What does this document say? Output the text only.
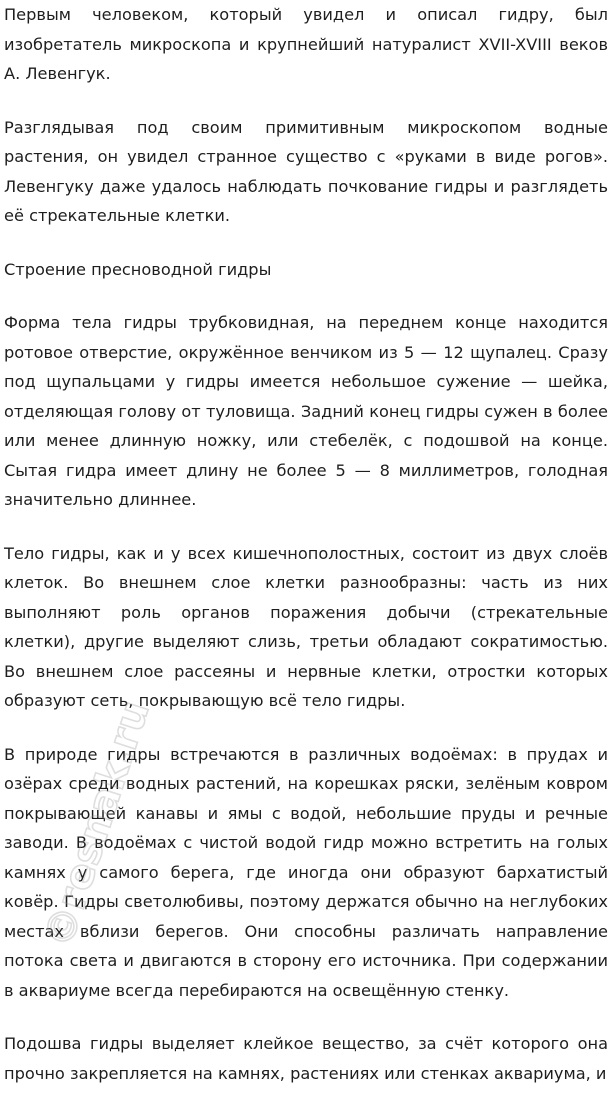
Первым человеком, который увидел и описал гидру, был изобретатель микроскопа и крупнейший натуралист XVII-XVIII веков А. Левенгук.

Разглядывая под своим примитивным микроскопом водные растения, он увидел странное существо с «руками в виде рогов». Левенгуку даже удалось наблюдать почкование гидры и разглядеть её стрекательные клетки.

Строение пресноводной гидры

Форма тела гидры трубковидная, на переднем конце находится ротовое отверстие, окружённое венчиком из 5 — 12 щупалец. Сразу под щупальцами у гидры имеется небольшое сужение — шейка, отделяющая голову от туловища. Задний конец гидры сужен в более или менее длинную ножку, или стебелёк, с подошвой на конце. Сытая гидра имеет длину не более 5 — 8 миллиметров, голодная значительно длиннее.

Тело гидры, как и у всех кишечнополостных, состоит из двух слоёв клеток. Во внешнем слое клетки разнообразны: часть из них выполняют роль органов поражения добычи (стрекательные клетки), другие выделяют слизь, третьи обладают сократимостью. Во внешнем слое рассеяны и нервные клетки, отростки которых образуют сеть, покрывающую всё тело гидры.

В природе гидры встречаются в различных водоёмах: в прудах и озёрах среди водных растений, на корешках ряски, зелёным ковром покрывающей канавы и ямы с водой, небольшие пруды и речные заводи. В водоёмах с чистой водой гидр можно встретить на голых камнях у самого берега, где иногда они образуют бархатистый ковёр. Гидры светолюбивы, поэтому держатся обычно на неглубоких местах вблизи берегов. Они способны различать направление потока света и двигаются в сторону его источника. При содержании в аквариуме всегда перебираются на освещённую стенку.

Подошва гидры выделяет клейкое вещество, за счёт которого она прочно закрепляется на камнях, растениях или стенках аквариума, и

©resnak.ru
